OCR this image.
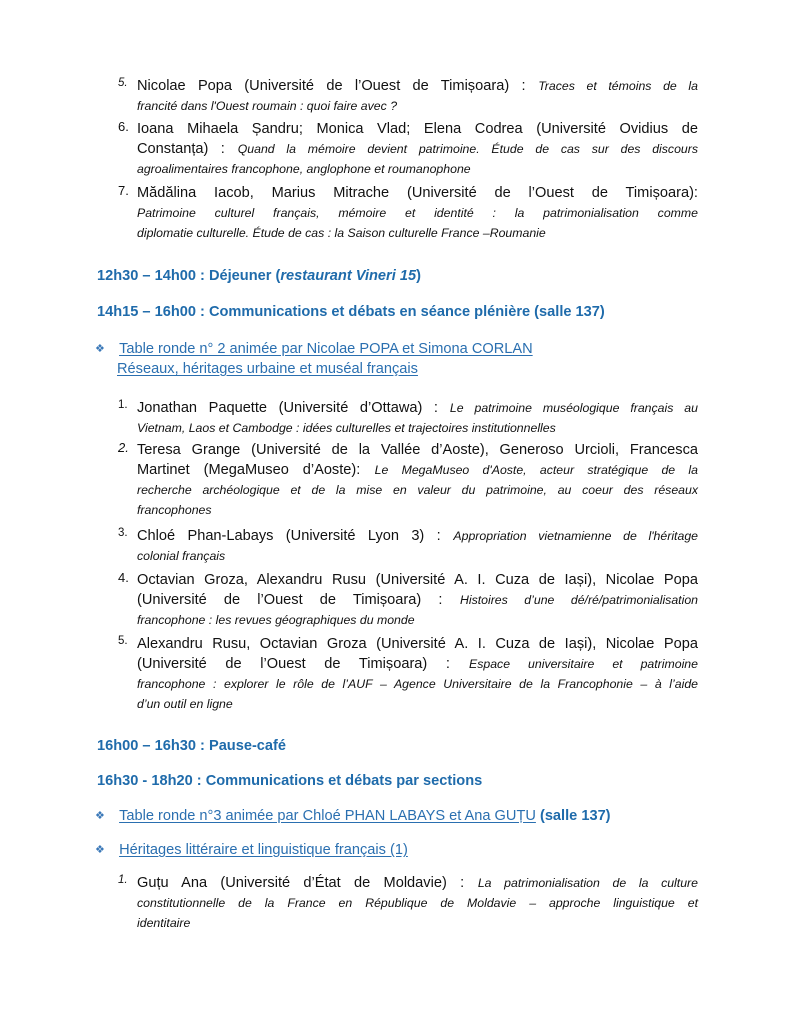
5. Nicolae Popa (Université de l’Ouest de Timișoara) : Traces et témoins de la
francité dans l'Ouest roumain : quoi faire avec ?
6. Ioana Mihaela Șandru; Monica Vlad; Elena Codrea (Université Ovidius de
Constanța) : Quand la mémoire devient patrimoine. Étude de cas sur des discours
agroalimentaires francophone, anglophone et roumanophone
7. Mădălina Iacob, Marius Mitrache (Université de l’Ouest de Timișoara):
Patrimoine culturel français, mémoire et identité : la patrimonialisation comme
diplomatie culturelle. Étude de cas : la Saison culturelle France –Roumanie
12h30 – 14h00 : Déjeuner (restaurant Vineri 15)
14h15 – 16h00 : Communications et débats en séance plénière (salle 137)
❖ Table ronde n° 2 animée par Nicolae POPA et Simona CORLAN
Réseaux, héritages urbaine et muséal français
1. Jonathan Paquette (Université d’Ottawa) : Le patrimoine muséologique français au
Vietnam, Laos et Cambodge : idées culturelles et trajectoires institutionnelles
2. Teresa Grange (Université de la Vallée d’Aoste), Generoso Urcioli, Francesca
Martinet (MegaMuseo d’Aoste): Le MegaMuseo d'Aoste, acteur stratégique de la
recherche archéologique et de la mise en valeur du patrimoine, au coeur des réseaux
francophones
3. Chloé Phan-Labays (Université Lyon 3) : Appropriation vietnamienne de l'héritage
colonial français
4. Octavian Groza, Alexandru Rusu (Université A. I. Cuza de Iași), Nicolae Popa
(Université de l’Ouest de Timișoara) : Histoires d’une dé/ré/patrimonialisation
francophone : les revues géographiques du monde
5. Alexandru Rusu, Octavian Groza (Université A. I. Cuza de Iași), Nicolae Popa
(Université de l’Ouest de Timișoara) : Espace universitaire et patrimoine
francophone : explorer le rôle de l’AUF – Agence Universitaire de la Francophonie – à l’aide
d’un outil en ligne
16h00 – 16h30 : Pause-café
16h30 - 18h20 : Communications et débats par sections
❖ Table ronde n°3 animée par Chloé PHAN LABAYS et Ana GUȚU (salle 137)
❖ Héritages littéraire et linguistique français (1)
1. Guțu Ana (Université d’État de Moldavie) : La patrimonialisation de la culture
constitutionnelle de la France en République de Moldavie – approche linguistique et
identitaire
